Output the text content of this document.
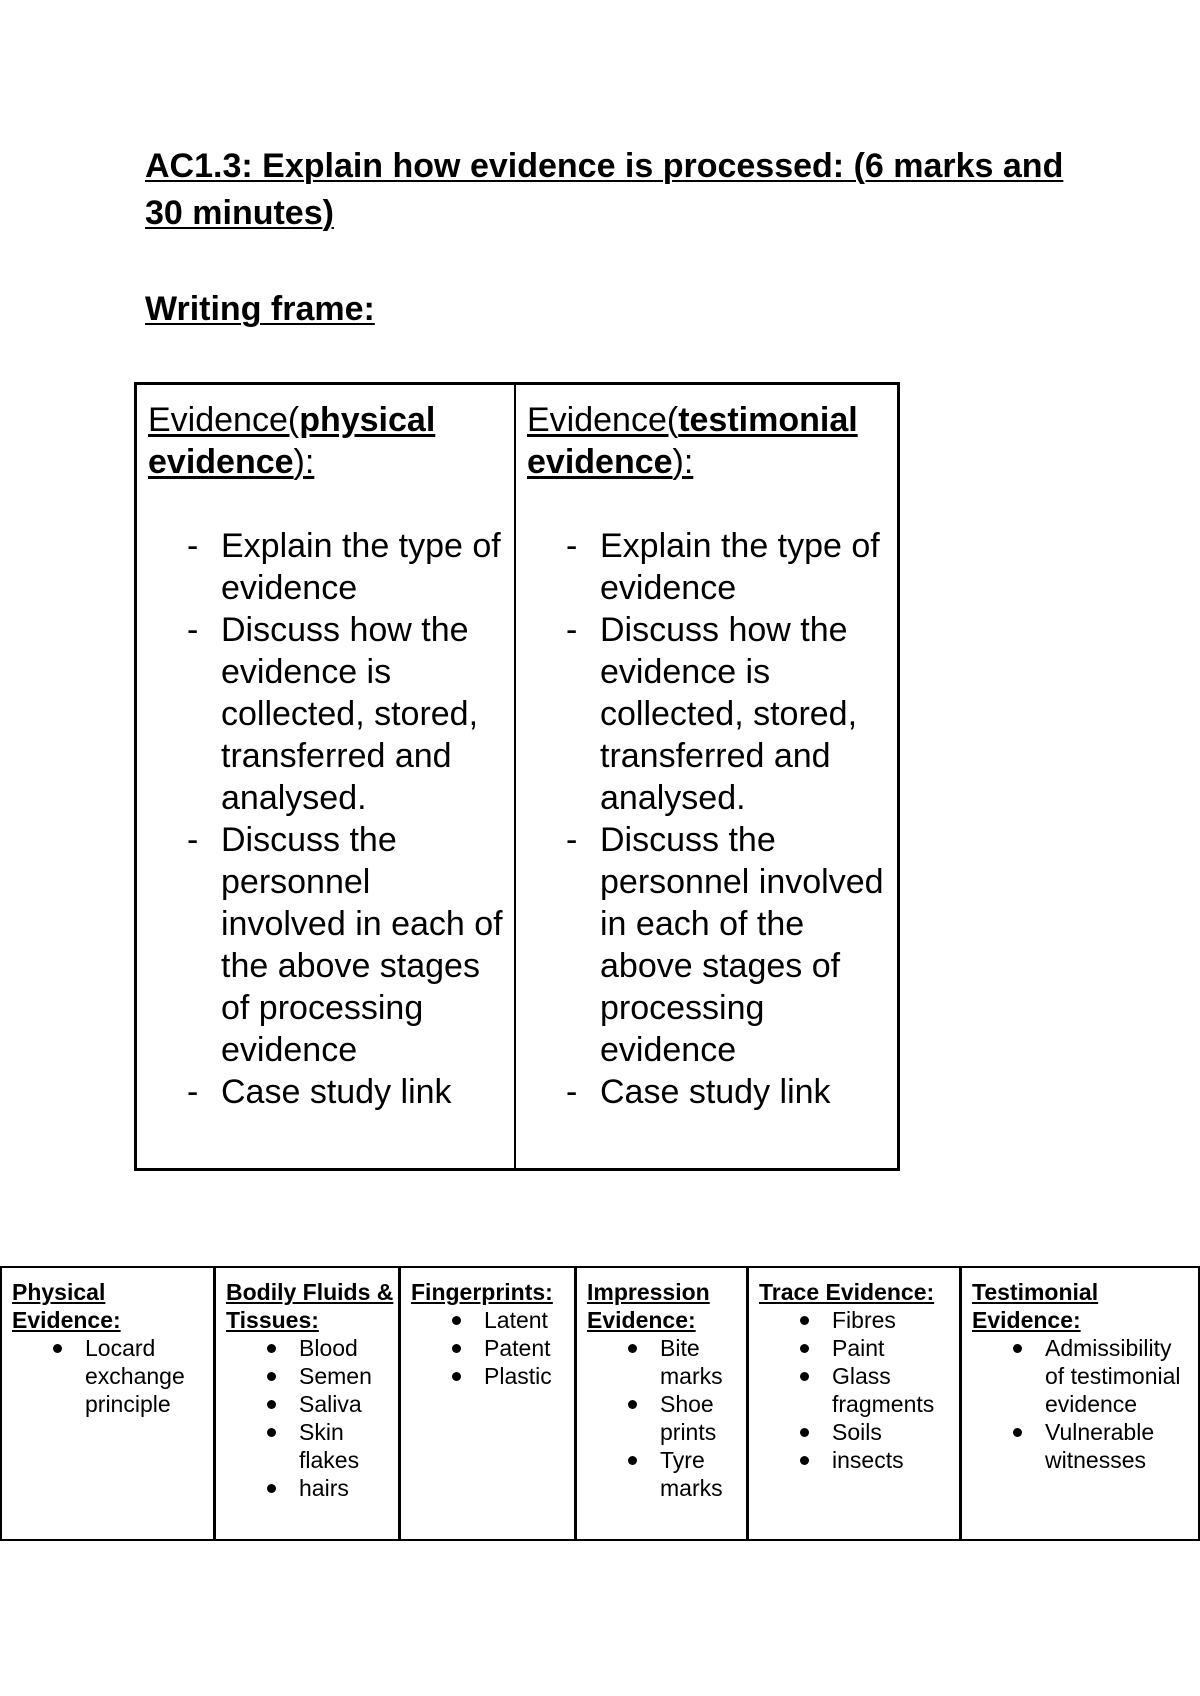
AC1.3: Explain how evidence is processed: (6 marks and 30 minutes)
Writing frame:
Evidence(physical evidence):
- Explain the type of evidence
- Discuss how the evidence is collected, stored, transferred and analysed.
- Discuss the personnel involved in each of the above stages of processing evidence
- Case study link
Evidence(testimonial evidence):
- Explain the type of evidence
- Discuss how the evidence is collected, stored, transferred and analysed.
- Discuss the personnel involved in each of the above stages of processing evidence
- Case study link
Physical Evidence:
Locard exchange principle
Bodily Fluids & Tissues:
Blood
Semen
Saliva
Skin flakes
hairs
Fingerprints:
Latent
Patent
Plastic
Impression Evidence:
Bite marks
Shoe prints
Tyre marks
Trace Evidence:
Fibres
Paint
Glass fragments
Soils
insects
Testimonial Evidence:
Admissibility of testimonial evidence
Vulnerable witnesses
